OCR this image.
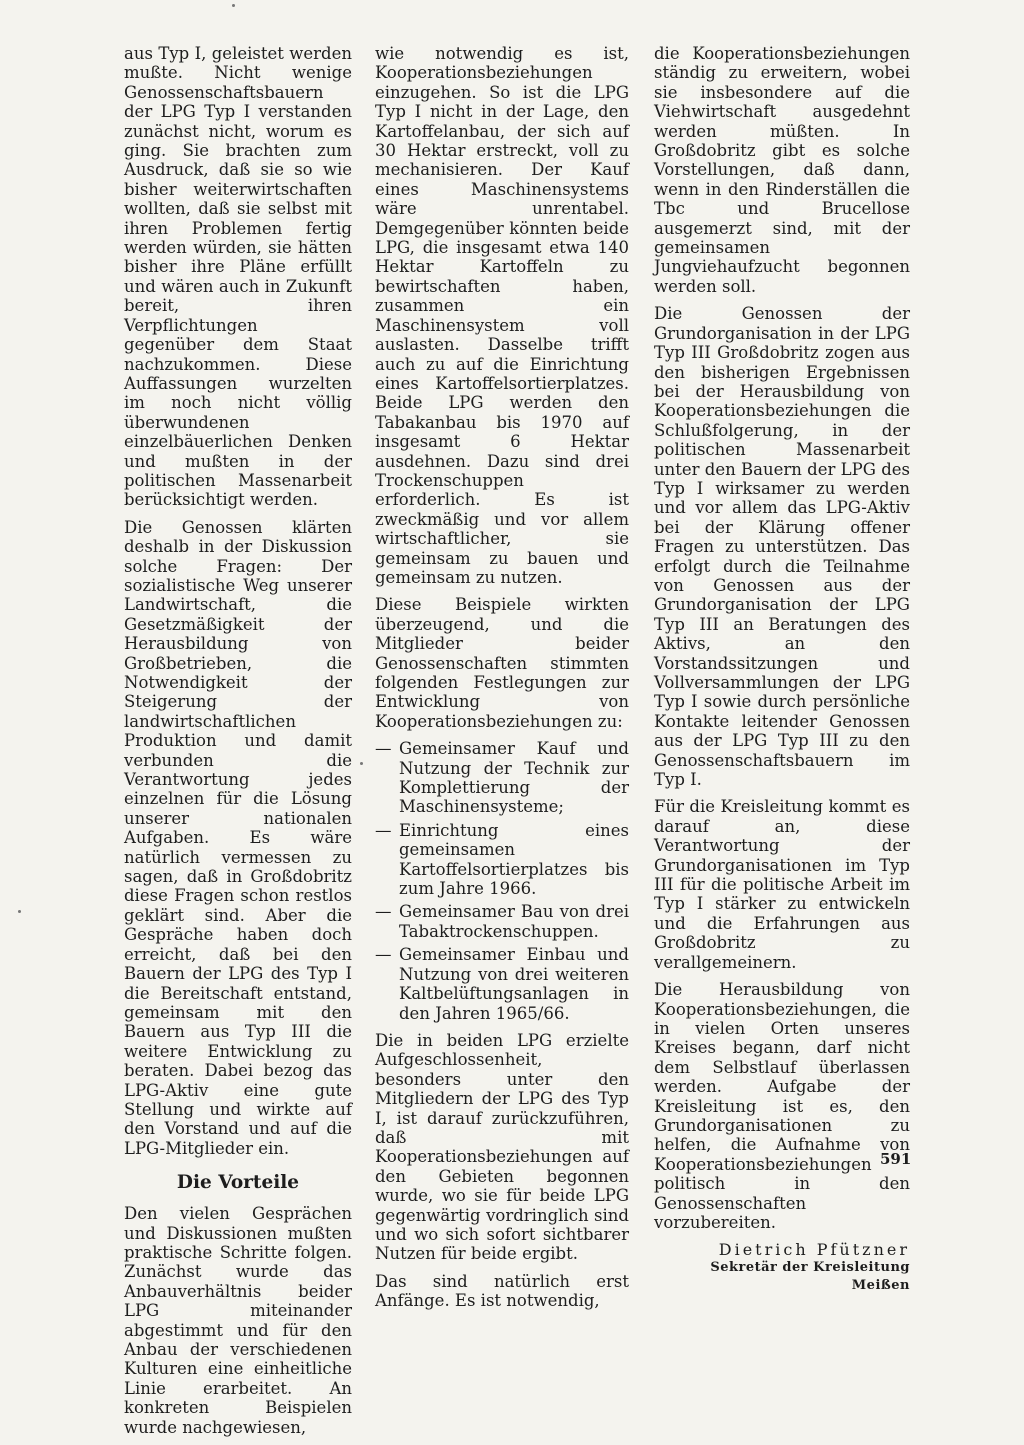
aus Typ I, geleistet werden mußte. Nicht wenige Genossenschaftsbauern der LPG Typ I verstanden zunächst nicht, worum es ging. Sie brachten zum Ausdruck, daß sie so wie bisher weiterwirtschaften wollten, daß sie selbst mit ihren Problemen fertig werden würden, sie hätten bisher ihre Pläne erfüllt und wären auch in Zukunft bereit, ihren Verpflichtungen gegenüber dem Staat nachzukommen. Diese Auffassungen wurzelten im noch nicht völlig überwundenen einzelbäuerlichen Denken und mußten in der politischen Massenarbeit berücksichtigt werden.

Die Genossen klärten deshalb in der Diskussion solche Fragen: Der sozialistische Weg unserer Landwirtschaft, die Gesetzmäßigkeit der Herausbildung von Großbetrieben, die Notwendigkeit der Steigerung der landwirtschaftlichen Produktion und damit verbunden die Verantwortung jedes einzelnen für die Lösung unserer nationalen Aufgaben. Es wäre natürlich vermessen zu sagen, daß in Großdobritz diese Fragen schon restlos geklärt sind. Aber die Gespräche haben doch erreicht, daß bei den Bauern der LPG des Typ I die Bereitschaft entstand, gemeinsam mit den Bauern aus Typ III die weitere Entwicklung zu beraten. Dabei bezog das LPG-Aktiv eine gute Stellung und wirkte auf den Vorstand und auf die LPG-Mitglieder ein.

Die Vorteile

Den vielen Gesprächen und Diskussionen mußten praktische Schritte folgen. Zunächst wurde das Anbauverhältnis beider LPG miteinander abgestimmt und für den Anbau der verschiedenen Kulturen eine einheitliche Linie erarbeitet. An konkreten Beispielen wurde nachgewiesen,

wie notwendig es ist, Kooperationsbeziehungen einzugehen. So ist die LPG Typ I nicht in der Lage, den Kartoffelanbau, der sich auf 30 Hektar erstreckt, voll zu mechanisieren. Der Kauf eines Maschinensystems wäre unrentabel. Demgegenüber könnten beide LPG, die insgesamt etwa 140 Hektar Kartoffeln zu bewirtschaften haben, zusammen ein Maschinensystem voll auslasten. Dasselbe trifft auch zu auf die Einrichtung eines Kartoffelsortierplatzes. Beide LPG werden den Tabakanbau bis 1970 auf insgesamt 6 Hektar ausdehnen. Dazu sind drei Trockenschuppen erforderlich. Es ist zweckmäßig und vor allem wirtschaftlicher, sie gemeinsam zu bauen und gemeinsam zu nutzen.

Diese Beispiele wirkten überzeugend, und die Mitglieder beider Genossenschaften stimmten folgenden Festlegungen zur Entwicklung von Kooperationsbeziehungen zu:

— Gemeinsamer Kauf und Nutzung der Technik zur Komplettierung der Maschinensysteme;
— Einrichtung eines gemeinsamen Kartoffelsortierplatzes bis zum Jahre 1966.
— Gemeinsamer Bau von drei Tabaktrockenschuppen.
— Gemeinsamer Einbau und Nutzung von drei weiteren Kaltbelüftungsanlagen in den Jahren 1965/66.

Die in beiden LPG erzielte Aufgeschlossenheit, besonders unter den Mitgliedern der LPG des Typ I, ist darauf zurückzuführen, daß mit Kooperationsbeziehungen auf den Gebieten begonnen wurde, wo sie für beide LPG gegenwärtig vordringlich sind und wo sich sofort sichtbarer Nutzen für beide ergibt.

Das sind natürlich erst Anfänge. Es ist notwendig,

die Kooperationsbeziehungen ständig zu erweitern, wobei sie insbesondere auf die Viehwirtschaft ausgedehnt werden müßten. In Großdobritz gibt es solche Vorstellungen, daß dann, wenn in den Rinderställen die Tbc und Brucellose ausgemerzt sind, mit der gemeinsamen Jungviehaufzucht begonnen werden soll.

Die Genossen der Grundorganisation in der LPG Typ III Großdobritz zogen aus den bisherigen Ergebnissen bei der Herausbildung von Kooperationsbeziehungen die Schlußfolgerung, in der politischen Massenarbeit unter den Bauern der LPG des Typ I wirksamer zu werden und vor allem das LPG-Aktiv bei der Klärung offener Fragen zu unterstützen. Das erfolgt durch die Teilnahme von Genossen aus der Grundorganisation der LPG Typ III an Beratungen des Aktivs, an den Vorstandssitzungen und Vollversammlungen der LPG Typ I sowie durch persönliche Kontakte leitender Genossen aus der LPG Typ III zu den Genossenschaftsbauern im Typ I.

Für die Kreisleitung kommt es darauf an, diese Verantwortung der Grundorganisationen im Typ III für die politische Arbeit im Typ I stärker zu entwickeln und die Erfahrungen aus Großdobritz zu verallgemeinern.

Die Herausbildung von Kooperationsbeziehungen, die in vielen Orten unseres Kreises begann, darf nicht dem Selbstlauf überlassen werden. Aufgabe der Kreisleitung ist es, den Grundorganisationen zu helfen, die Aufnahme von Kooperationsbeziehungen politisch in den Genossenschaften vorzubereiten.

Dietrich Pfützner
Sekretär der Kreisleitung Meißen
591
